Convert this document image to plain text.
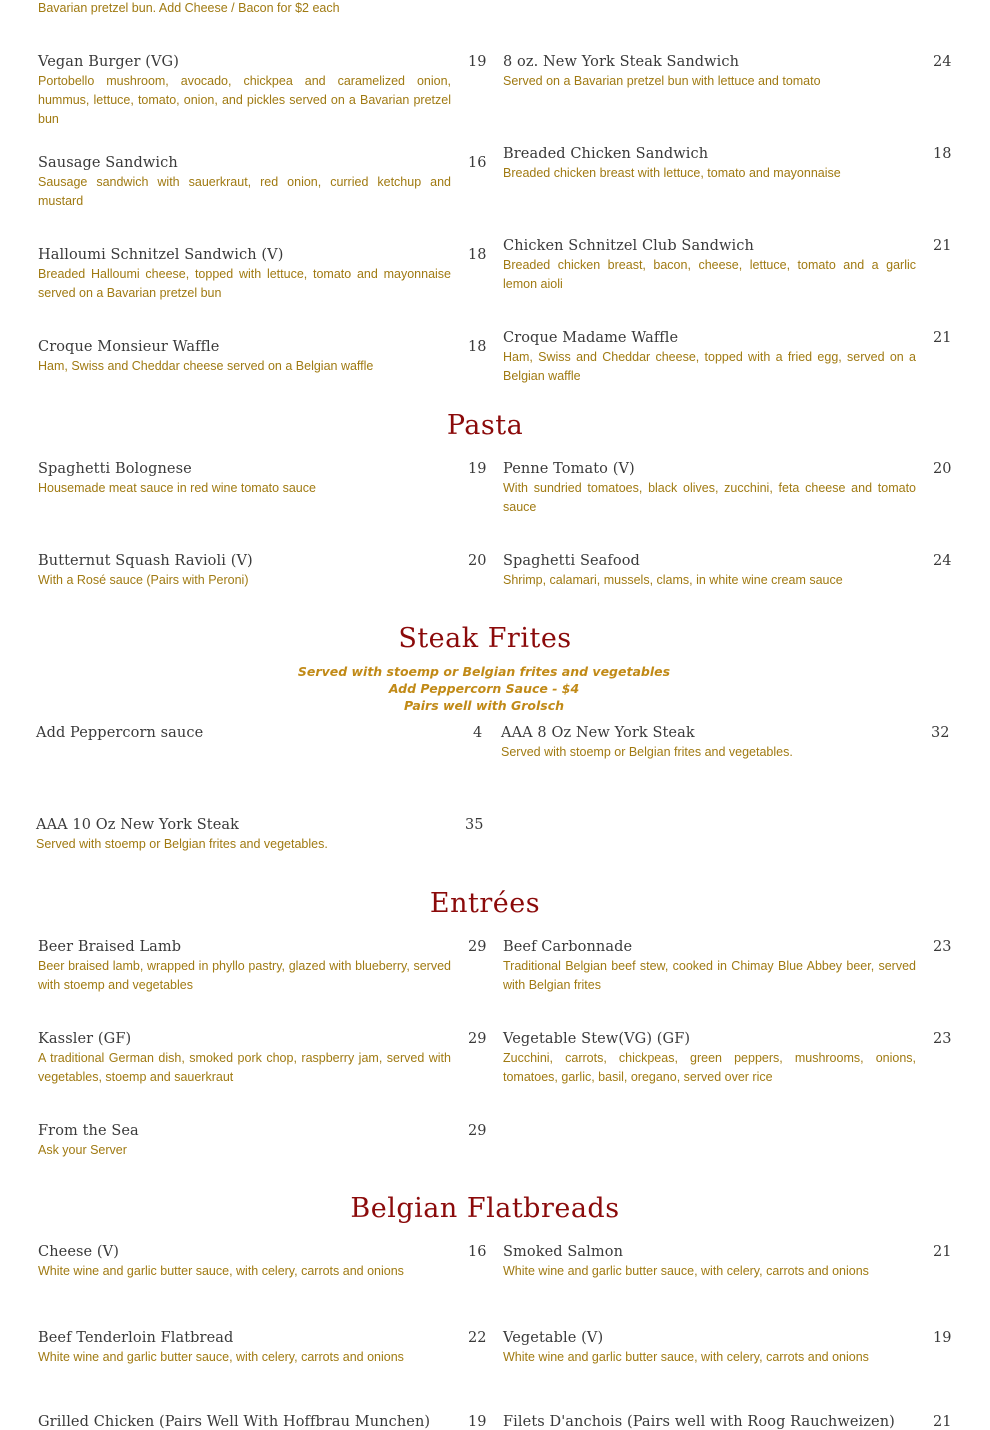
Bavarian pretzel bun. Add Cheese / Bacon for $2 each
Vegan Burger (VG)	19
Portobello mushroom, avocado, chickpea and caramelized onion, hummus, lettuce, tomato, onion, and pickles served on a Bavarian pretzel bun
8 oz. New York Steak Sandwich	24
Served on a Bavarian pretzel bun with lettuce and tomato
Sausage Sandwich	16
Sausage sandwich with sauerkraut, red onion, curried ketchup and mustard
Breaded Chicken Sandwich	18
Breaded chicken breast with lettuce, tomato and mayonnaise
Halloumi Schnitzel Sandwich (V)	18
Breaded Halloumi cheese, topped with lettuce, tomato and mayonnaise served on a Bavarian pretzel bun
Chicken Schnitzel Club Sandwich	21
Breaded chicken breast, bacon, cheese, lettuce, tomato and a garlic lemon aioli
Croque Monsieur Waffle	18
Ham, Swiss and Cheddar cheese served on a Belgian waffle
Croque Madame Waffle	21
Ham, Swiss and Cheddar cheese, topped with a fried egg, served on a Belgian waffle
Pasta
Spaghetti Bolognese	19
Housemade meat sauce in red wine tomato sauce
Penne Tomato (V)	20
With sundried tomatoes, black olives, zucchini, feta cheese and tomato sauce
Butternut Squash Ravioli (V)	20
With a Rosé sauce (Pairs with Peroni)
Spaghetti Seafood	24
Shrimp, calamari, mussels, clams, in white wine cream sauce
Steak Frites
Served with stoemp or Belgian frites and vegetables
Add Peppercorn Sauce - $4
Pairs well with Grolsch
Add Peppercorn sauce	4 AAA 8 Oz New York Steak	32
Served with stoemp or Belgian frites and vegetables.
AAA 10 Oz New York Steak	35
Served with stoemp or Belgian frites and vegetables.
Entrées
Beer Braised Lamb	29
Beer braised lamb, wrapped in phyllo pastry, glazed with blueberry, served with stoemp and vegetables
Beef Carbonnade	23
Traditional Belgian beef stew, cooked in Chimay Blue Abbey beer, served with Belgian frites
Kassler (GF)	29
A traditional German dish, smoked pork chop, raspberry jam, served with vegetables, stoemp and sauerkraut
Vegetable Stew(VG) (GF)	23
Zucchini, carrots, chickpeas, green peppers, mushrooms, onions, tomatoes, garlic, basil, oregano, served over rice
From the Sea	29
Ask your Server
Belgian Flatbreads
Cheese (V)	16
White wine and garlic butter sauce, with celery, carrots and onions
Smoked Salmon	21
White wine and garlic butter sauce, with celery, carrots and onions
Beef Tenderloin Flatbread	22
White wine and garlic butter sauce, with celery, carrots and onions
Vegetable (V)	19
White wine and garlic butter sauce, with celery, carrots and onions
Grilled Chicken (Pairs Well With Hoffbrau Munchen)	19 Filets D'anchois (Pairs well with Roog Rauchweizen)	21
